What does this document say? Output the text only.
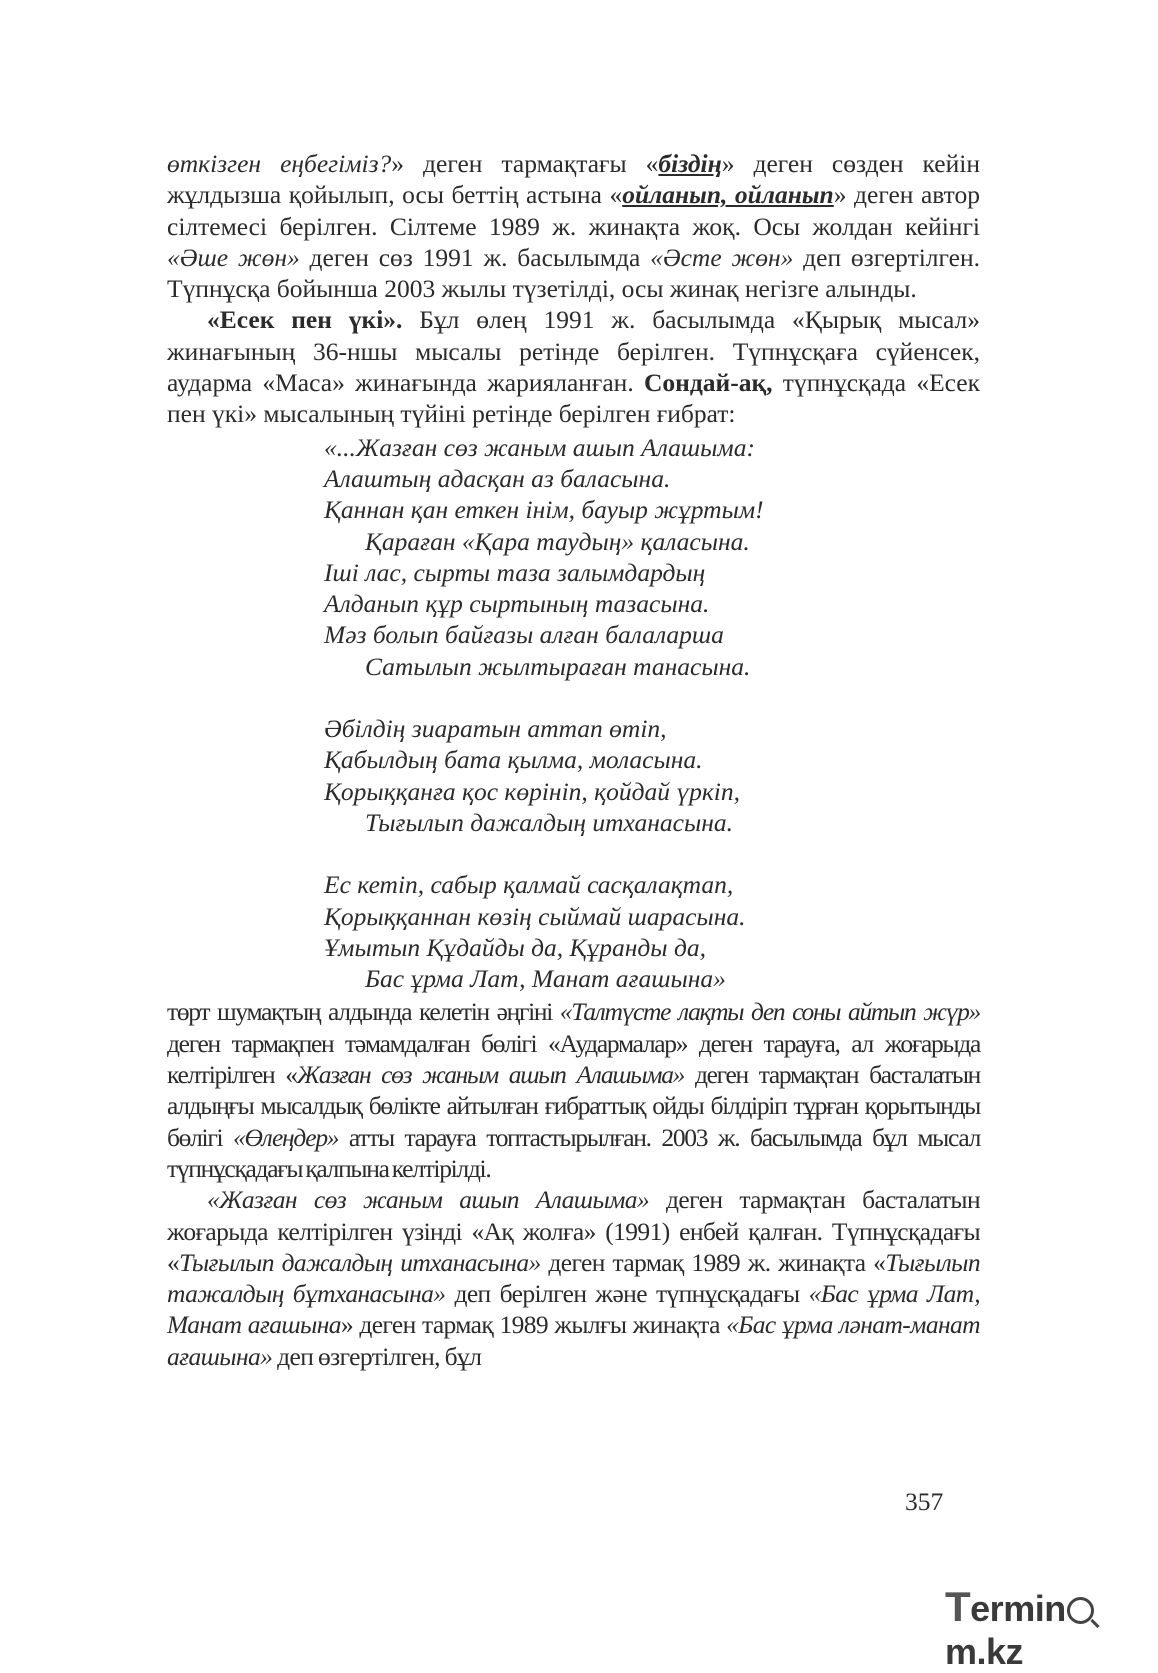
өткізген еңбегіміз?» деген тармақтағы «біздің» деген сөзден кейін жұлдызша қойылып, осы беттің астына «ойланып, ойланып» деген автор сілтемесі берілген. Сілтеме 1989 ж. жинақта жоқ. Осы жолдан кейінгі «Әше жөн» деген сөз 1991 ж. басылымда «Әсте жөн» деп өзгертілген. Түпнұсқа бойынша 2003 жылы түзетілді, осы жинақ негізге алынды.

«Есек пен үкі». Бұл өлең 1991 ж. басылымда «Қырық мысал» жинағының 36-ншы мысалы ретінде берілген. Түпнұсқаға сүйенсек, аударма «Маса» жинағында жарияланған. Сондай-ақ, түпнұсқада «Есек пен үкі» мысалының түйіні ретінде берілген ғибрат:

«...Жазған сөз жаным ашып Алашыма:
Алаштың адасқан аз баласына.
Қаннан қан еткен інім, бауыр жұртым!
Қараған «Қара таудың» қаласына.
Іші лас, сырты таза залымдардың
Алданып құр сыртының тазасына.
Мәз болып байғазы алған балаларша
Сатылып жылтыраған танасына.
Әбілдің зиаратын аттап өтіп,
Қабылдың бата қылма, моласына.
Қорыққанға қос көрініп, қойдай үркіп,
Тығылып дажалдың итханасына.
Ес кетіп, сабыр қалмай сасқалақтап,
Қорыққаннан көзің сыймай шарасына.
Ұмытып Құдайды да, Құранды да,
Бас ұрма Лат, Манат ағашына»

төрт шумақтың алдында келетін әңгіні «Талтүсте лақты деп соны айтып жүр» деген тармақпен тәмамдалған бөлігі «Аудармалар» деген тарауға, ал жоғарыда келтірілген «Жазған сөз жаным ашып Алашыма» деген тармақтан басталатын алдыңғы мысалдық бөлікте айтылған ғибраттық ойды білдіріп тұрған қорытынды бөлігі «Өлеңдер» атты тарауға топтастырылған. 2003 ж. басылымда бұл мысал түпнұсқадағы қалпына келтірілді.

«Жазған сөз жаным ашып Алашыма» деген тармақтан басталатын жоғарыда келтірілген үзінді «Ақ жолға» (1991) енбей қалған. Түпнұсқадағы «Тығылып дажалдың итханасына» деген тармақ 1989 ж. жинақта «Тығылып тажалдың бұтханасына» деп берілген және түпнұсқадағы «Бас ұрма Лат, Манат ағашына» деген тармақ 1989 жылғы жинақта «Бас ұрма ләнат-манат ағашына» деп өзгертілген, бұл

357
Terminm.kz
